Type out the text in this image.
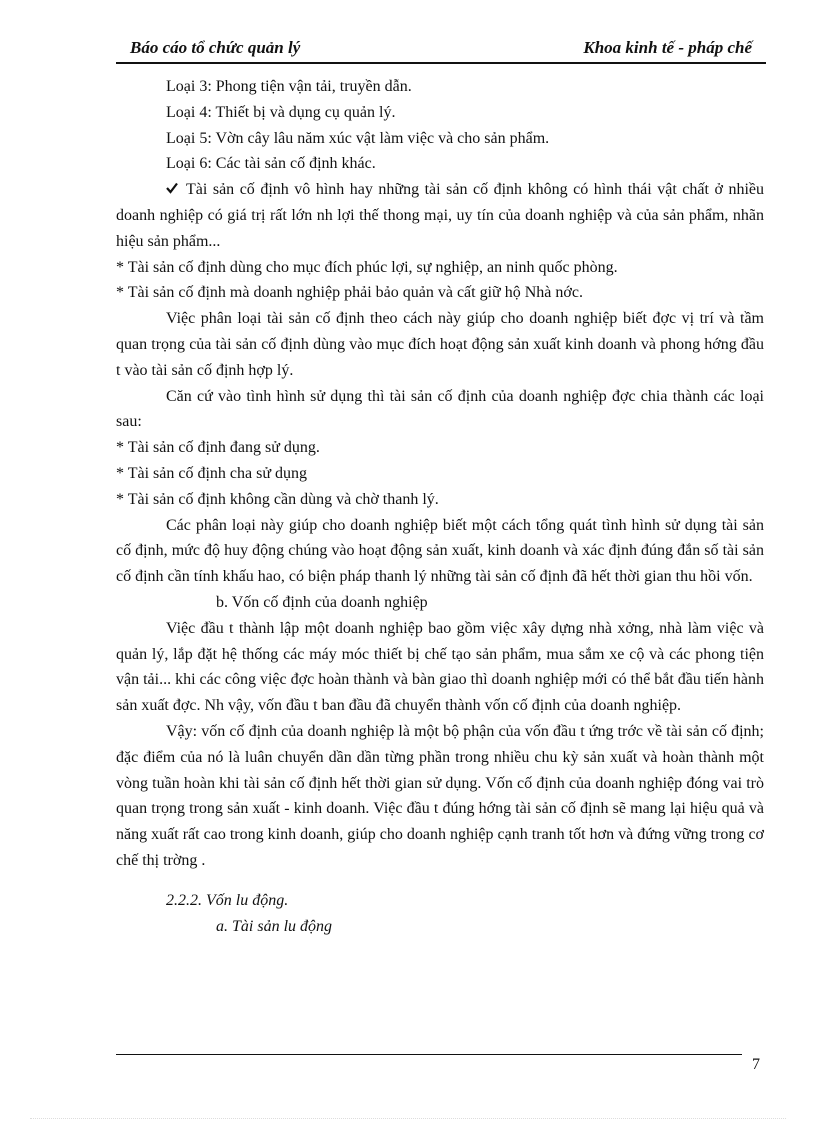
Báo cáo tổ chức quản lý	Khoa kinh tế - pháp chế

Loại 3: Phong tiện vận tải, truyền dẫn.

Loại 4: Thiết bị và dụng cụ quản lý.

Loại 5: Vờn cây lâu năm xúc vật làm việc và cho sản phẩm.

Loại 6: Các tài sản cố định khác.

Tài sản cố định vô hình hay những tài sản cố định không có hình thái vật chất ở nhiều doanh nghiệp có giá trị rất lớn nh lợi thế thong mại, uy tín của doanh nghiệp và của sản phẩm, nhãn hiệu sản phẩm...

* Tài sản cố định dùng cho mục đích phúc lợi, sự nghiệp, an ninh quốc phòng.

* Tài sản cố định mà doanh nghiệp phải bảo quản và cất giữ hộ Nhà nớc.

Việc phân loại tài sản cố định theo cách này giúp cho doanh nghiệp biết đợc vị trí và tầm quan trọng của tài sản cố định dùng vào mục đích hoạt động sản xuất kinh doanh và phong hớng đầu t vào tài sản cố định hợp lý.

Căn cứ vào tình hình sử dụng thì tài sản cố định của doanh nghiệp đợc chia thành các loại sau:

* Tài sản cố định đang sử dụng.

* Tài sản cố định cha sử dụng

* Tài sản cố định không cần dùng và chờ thanh lý.

Các phân loại này giúp cho doanh nghiệp biết một cách tổng quát tình hình sử dụng tài sản cố định, mức độ huy động chúng vào hoạt động sản xuất, kinh doanh và xác định đúng đắn số tài sản cố định cần tính khấu hao, có biện pháp thanh lý những tài sản cố định đã hết thời gian thu hồi vốn.

b. Vốn cố định của doanh nghiệp

Việc đầu t thành lập một doanh nghiệp bao gồm việc xây dựng nhà xởng, nhà làm việc và quản lý, lắp đặt hệ thống các máy móc thiết bị chế tạo sản phẩm, mua sắm xe cộ và các phong tiện vận tải... khi các công việc đợc hoàn thành và bàn giao thì doanh nghiệp mới có thể bắt đầu tiến hành sản xuất đợc. Nh vậy, vốn đầu t ban đầu đã chuyển thành vốn cố định của doanh nghiệp.

Vậy: vốn cố định của doanh nghiệp là một bộ phận của vốn đầu t ứng trớc về tài sản cố định; đặc điểm của nó là luân chuyển dần dần từng phần trong nhiều chu kỳ sản xuất và hoàn thành một vòng tuần hoàn khi tài sản cố định hết thời gian sử dụng. Vốn cố định của doanh nghiệp đóng vai trò quan trọng trong sản xuất - kinh doanh. Việc đầu t đúng hớng tài sản cố định sẽ mang lại hiệu quả và năng xuất rất cao trong kinh doanh, giúp cho doanh nghiệp cạnh tranh tốt hơn và đứng vững trong cơ chế thị trờng .

2.2.2. Vốn lu động.

a. Tài sản lu động

7
